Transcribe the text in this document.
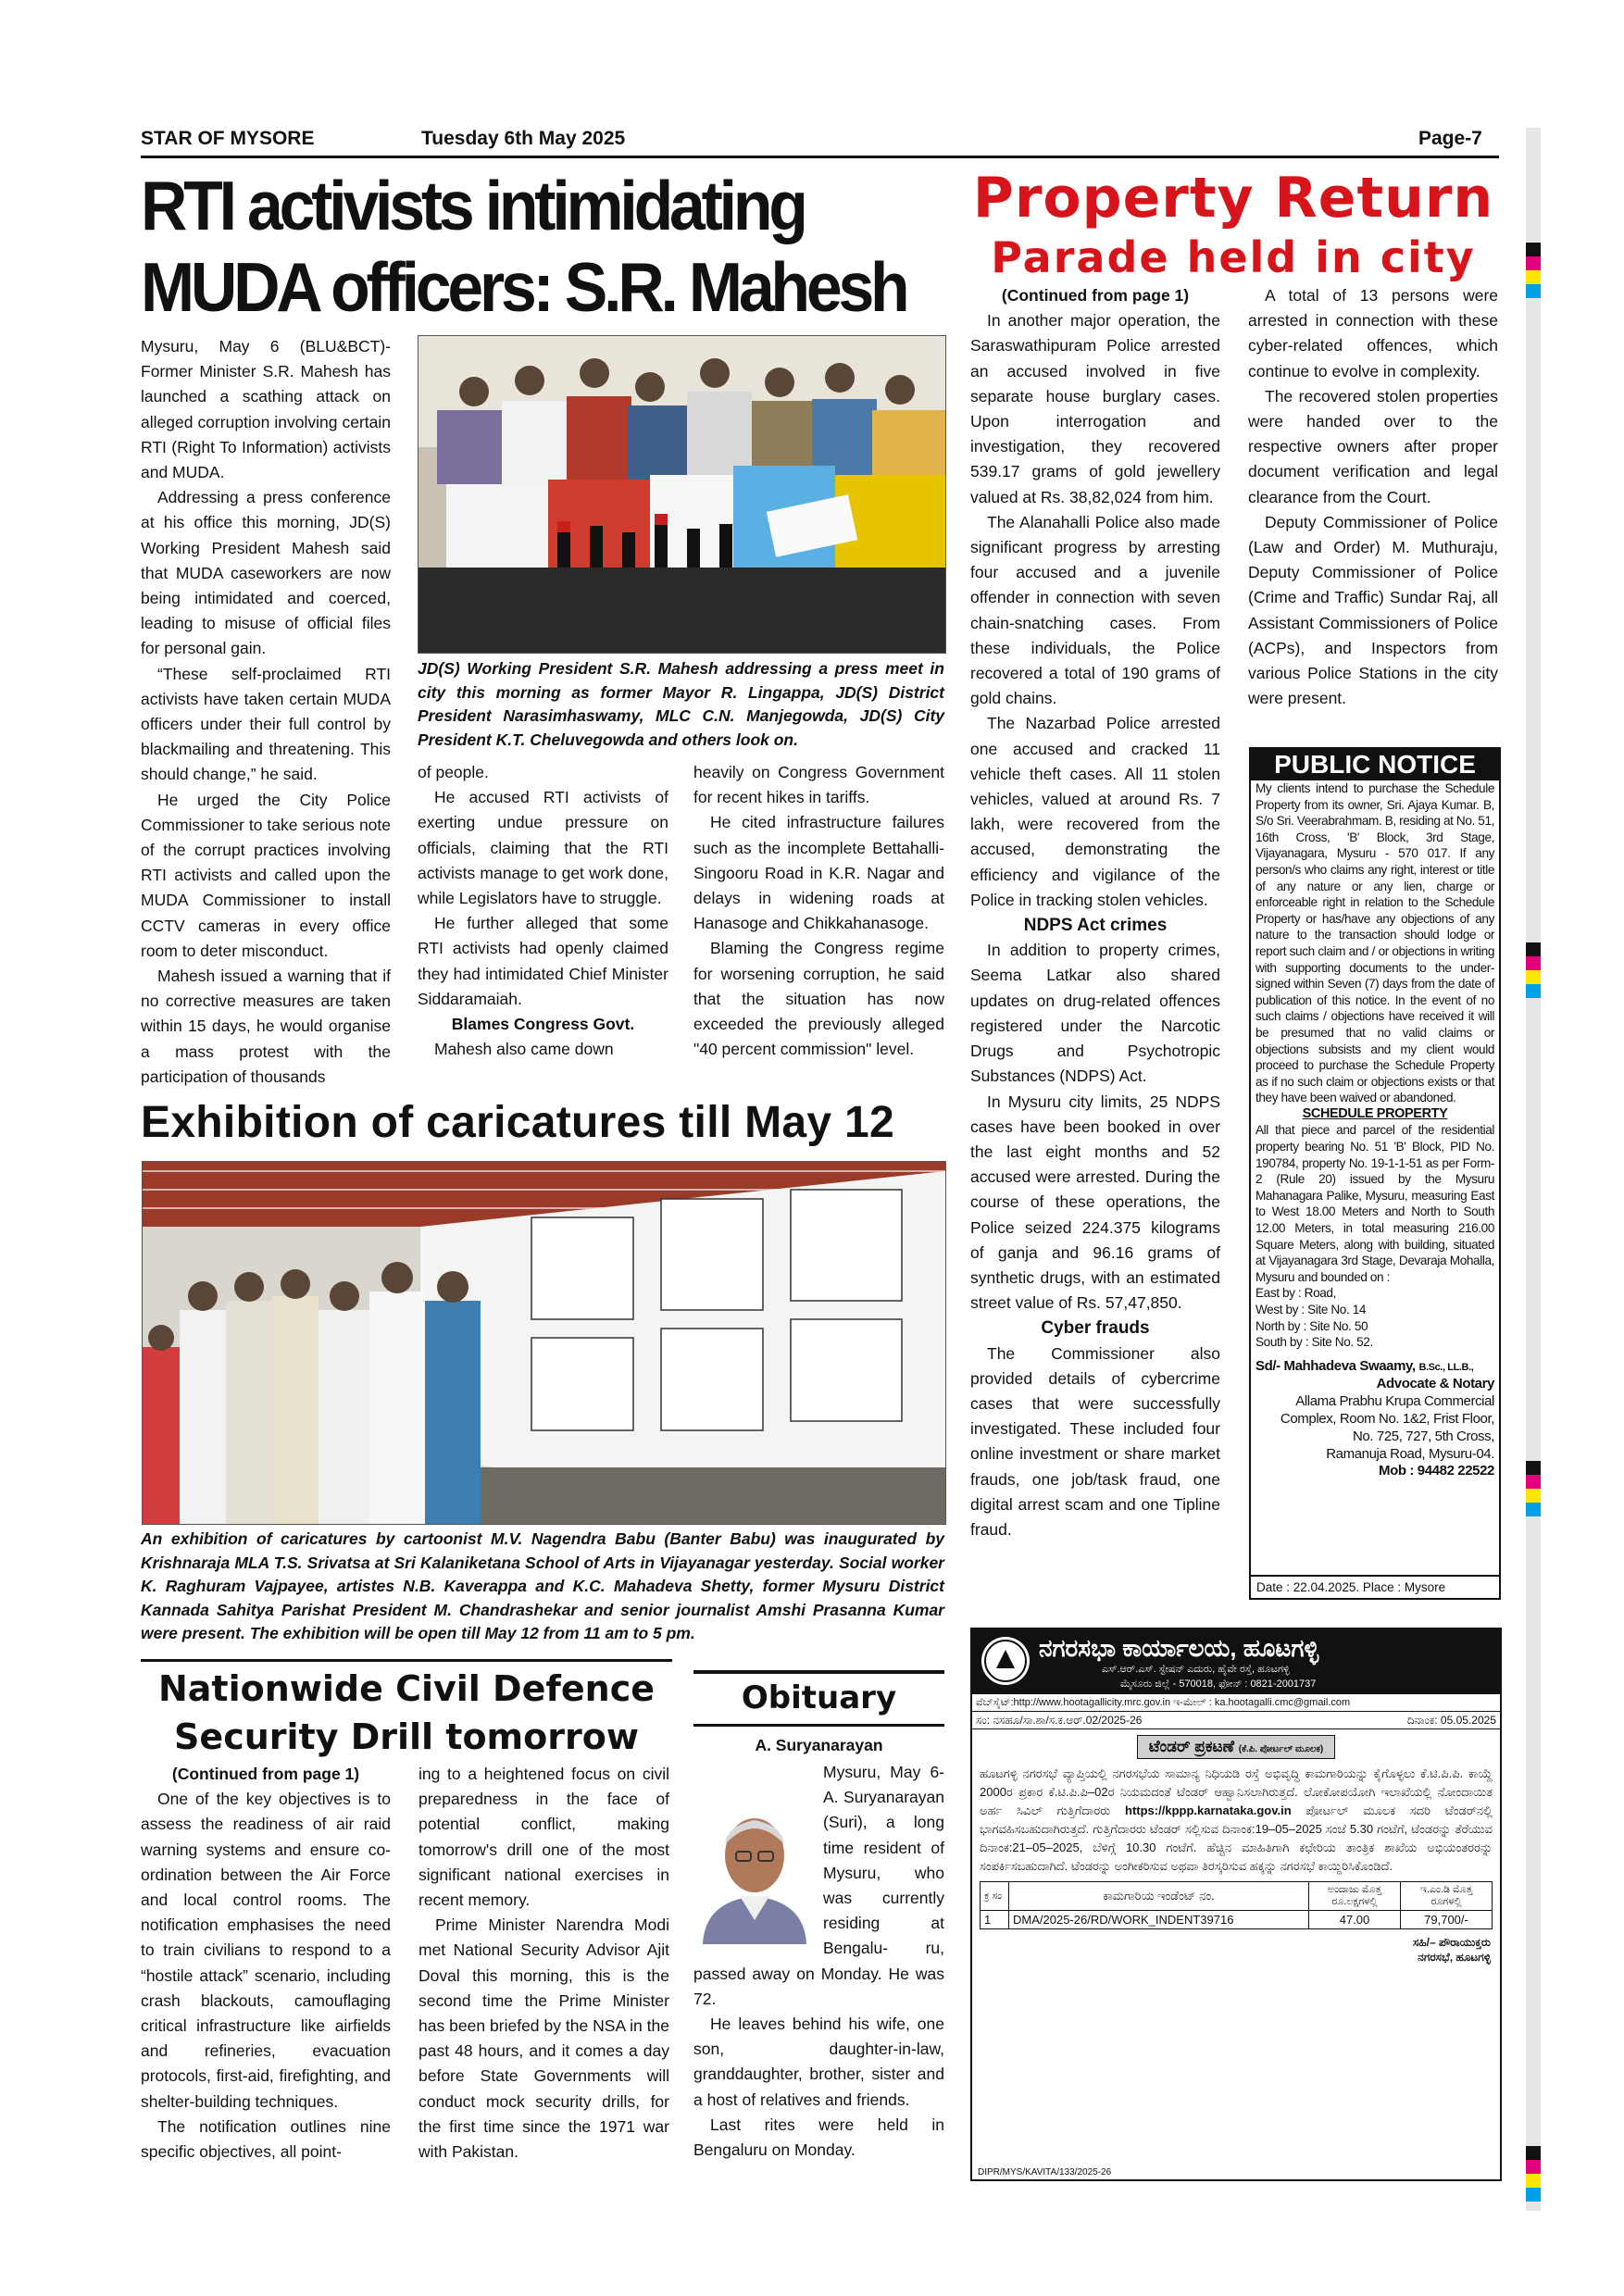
STAR OF MYSORE	Tuesday 6th May 2025	Page-7
RTI activists intimidating
MUDA officers: S.R. Mahesh

Mysuru, May 6 (BLU&BCT)- Former Minister S.R. Mahesh has launched a scathing attack on alleged corruption involving certain RTI (Right To Information) activists and MUDA.

Addressing a press conference at his office this morning, JD(S) Working President Mahesh said that MUDA caseworkers are now being intimidated and coerced, leading to misuse of official files for personal gain.

“These self-proclaimed RTI activists have taken certain MUDA officers under their full control by blackmailing and threatening. This should change,” he said.

He urged the City Police Commissioner to take serious note of the corrupt practices involving RTI activists and called upon the MUDA Commissioner to install CCTV cameras in every office room to deter misconduct.

Mahesh issued a warning that if no corrective measures are taken within 15 days, he would organise a mass protest with the participation of thousands

JD(S) Working President S.R. Mahesh addressing a press meet in city this morning as former Mayor R. Lingappa, JD(S) District President Narasimhaswamy, MLC C.N. Manjegowda, JD(S) City President K.T. Cheluvegowda and others look on.

of people.

He accused RTI activists of exerting undue pressure on officials, claiming that the RTI activists manage to get work done, while Legislators have to struggle.

He further alleged that some RTI activists had openly claimed they had intimidated Chief Minister Siddaramaiah.

Blames Congress Govt.

Mahesh also came down

heavily on Congress Government for recent hikes in tariffs.

He cited infrastructure failures such as the incomplete Bettahalli-Singooru Road in K.R. Nagar and delays in widening roads at Hanasoge and Chikkahanasoge.

Blaming the Congress regime for worsening corruption, he said that the situation has now exceeded the previously alleged "40 percent commission" level.

Property Return
Parade held in city

(Continued from page 1)

In another major operation, the Saraswathipuram Police arrested an accused involved in five separate house burglary cases. Upon interrogation and investigation, they recovered 539.17 grams of gold jewellery valued at Rs. 38,82,024 from him.

The Alanahalli Police also made significant progress by arresting four accused and a juvenile offender in connection with seven chain-snatching cases. From these individuals, the Police recovered a total of 190 grams of gold chains.

The Nazarbad Police arrested one accused and cracked 11 vehicle theft cases. All 11 stolen vehicles, valued at around Rs. 7 lakh, were recovered from the accused, demonstrating the efficiency and vigilance of the Police in tracking stolen vehicles.

NDPS Act crimes

In addition to property crimes, Seema Latkar also shared updates on drug-related offences registered under the Narcotic Drugs and Psychotropic Substances (NDPS) Act.

In Mysuru city limits, 25 NDPS cases have been booked in over the last eight months and 52 accused were arrested. During the course of these operations, the Police seized 224.375 kilograms of ganja and 96.16 grams of synthetic drugs, with an estimated street value of Rs. 57,47,850.

Cyber frauds

The Commissioner also provided details of cybercrime cases that were successfully investigated. These included four online investment or share market frauds, one job/task fraud, one digital arrest scam and one Tipline fraud.

A total of 13 persons were arrested in connection with these cyber-related offences, which continue to evolve in complexity.

The recovered stolen properties were handed over to the respective owners after proper document verification and legal clearance from the Court.

Deputy Commissioner of Police (Law and Order) M. Muthuraju, Deputy Commissioner of Police (Crime and Traffic) Sundar Raj, all Assistant Commissioners of Police (ACPs), and Inspectors from various Police Stations in the city were present.

PUBLIC NOTICE
My clients intend to purchase the Schedule Property from its owner, Sri. Ajaya Kumar. B, S/o Sri. Veerabrahmam. B, residing at No. 51, 16th Cross, 'B' Block, 3rd Stage, Vijayanagara, Mysuru - 570 017. If any person/s who claims any right, interest or title of any nature or any lien, charge or enforceable right in relation to the Schedule Property or has/have any objections of any nature to the transaction should lodge or report such claim and / or objections in writing with supporting documents to the under-signed within Seven (7) days from the date of publication of this notice. In the event of no such claims / objections have received it will be presumed that no valid claims or objections subsists and my client would proceed to purchase the Schedule Property as if no such claim or objections exists or that they have been waived or abandoned.
SCHEDULE PROPERTY
All that piece and parcel of the residential property bearing No. 51 'B' Block, PID No. 190784, property No. 19-1-1-51 as per Form-2 (Rule 20) issued by the Mysuru Mahanagara Palike, Mysuru, measuring East to West 18.00 Meters and North to South 12.00 Meters, in total measuring 216.00 Square Meters, along with building, situated at Vijayanagara 3rd Stage, Devaraja Mohalla, Mysuru and bounded on :
East by : Road,
West by : Site No. 14
North by : Site No. 50
South by : Site No. 52.
Sd/- Mahhadeva Swaamy, B.Sc., LL.B.,
Advocate & Notary
Allama Prabhu Krupa Commercial
Complex, Room No. 1&2, Frist Floor,
No. 725, 727, 5th Cross,
Ramanuja Road, Mysuru-04.
Mob : 94482 22522
Date : 22.04.2025. Place : Mysore
Exhibition of caricatures till May 12
An exhibition of caricatures by cartoonist M.V. Nagendra Babu (Banter Babu) was inaugurated by Krishnaraja MLA T.S. Srivatsa at Sri Kalaniketana School of Arts in Vijayanagar yesterday. Social worker K. Raghuram Vajpayee, artistes N.B. Kaverappa and K.C. Mahadeva Shetty, former Mysuru District Kannada Sahitya Parishat President M. Chandrashekar and senior journalist Amshi Prasanna Kumar were present. The exhibition will be open till May 12 from 11 am to 5 pm.
Nationwide Civil Defence
Security Drill tomorrow

(Continued from page 1)

One of the key objectives is to assess the readiness of air raid warning systems and ensure co-ordination between the Air Force and local control rooms. The notification emphasises the need to train civilians to respond to a “hostile attack” scenario, including crash blackouts, camouflaging critical infrastructure like airfields and refineries, evacuation protocols, first-aid, firefighting, and shelter-building techniques.

The notification outlines nine specific objectives, all point-

ing to a heightened focus on civil preparedness in the face of potential conflict, making tomorrow's drill one of the most significant national exercises in recent memory.

Prime Minister Narendra Modi met National Security Advisor Ajit Doval this morning, this is the second time the Prime Minister has been briefed by the NSA in the past 48 hours, and it comes a day before State Governments will conduct mock security drills, for the first time since the 1971 war with Pakistan.

Obituary
A. Suryanarayan

Mysuru, May 6- A. Suryanarayan (Suri), a long time resident of Mysuru, who was currently residing at Bengalu- ru, passed away on Monday. He was 72.

He leaves behind his wife, one son, daughter-in-law, granddaughter, brother, sister and a host of relatives and friends.

Last rites were held in Bengaluru on Monday.

ನಗರಸಭಾ ಕಾರ್ಯಾಲಯ, ಹೂಟಗಳ್ಳಿ
ಎಸ್.ಆರ್.ಎಸ್. ಸ್ಟೇಷನ್ ಎದುರು, ಹೈವೇ ರಸ್ತೆ, ಹೂಟಗಳ್ಳಿ
ಮೈಸೂರು ಜಿಲ್ಲೆ - 570018, ಫೋನ್ : 0821-2001737
ವೆಬ್‌ಸೈಟ್:http://www.hootagallicity.mrc.gov.in ಇ-ಮೇಲ್ : ka.hootagalli.cmc@gmail.com
ಸಂ: ನಸಹೂ/ಸಾ.ಶಾ/ಸ.ಕ.ಆರ್.02/2025-26	ದಿನಾಂಕ: 05.05.2025
ಟೆಂಡರ್ ಪ್ರಕಟಣೆ (ಕೆ.ಪಿ. ಪೋರ್ಟಲ್ ಮೂಲಕ)
ಹೂಟಗಳ್ಳಿ ನಗರಸಭೆ ವ್ಯಾಪ್ತಿಯಲ್ಲಿ ನಗರಸಭೆಯ ಸಾಮಾನ್ಯ ನಿಧಿಯಡಿ ರಸ್ತೆ ಅಭಿವೃದ್ಧಿ ಕಾಮಗಾರಿಯನ್ನು ಕೈಗೊಳ್ಳಲು ಕೆ.ಟಿ.ಪಿ.ಪಿ. ಕಾಯ್ದೆ 2000ರ ಪ್ರಕಾರ ಕೆ.ಟಿ.ಪಿ.ಪಿ–02ರ ನಿಯಮದಂತೆ ಟೆಂಡರ್ ಆಹ್ವಾನಿಸಲಾಗಿರುತ್ತದೆ. ಲೋಕೋಪಯೋಗಿ ಇಲಾಖೆಯಲ್ಲಿ ನೋಂದಾಯಿತ ಅರ್ಹ ಸಿವಿಲ್ ಗುತ್ತಿಗೆದಾರರು https://kppp.karnataka.gov.in ಪೋರ್ಟಲ್ ಮೂಲಕ ಸದರಿ ಟೆಂಡರ್‌ನಲ್ಲಿ ಭಾಗವಹಿಸಬಹುದಾಗಿರುತ್ತದೆ. ಗುತ್ತಿಗೆದಾರರು ಟೆಂಡರ್ ಸಲ್ಲಿಸುವ ದಿನಾಂಕ:19–05–2025 ಸಂಜೆ 5.30 ಗಂಟೆಗೆ, ಟೆಂಡರನ್ನು ತೆರೆಯುವ ದಿನಾಂಕ:21–05–2025, ಬೆಳಿಗ್ಗೆ 10.30 ಗಂಟೆಗೆ. ಹೆಚ್ಚಿನ ಮಾಹಿತಿಗಾಗಿ ಕಛೇರಿಯ ತಾಂತ್ರಿಕ ಶಾಖೆಯ ಅಭಿಯಂತರರನ್ನು ಸಂಪರ್ಕಿಸಬಹುದಾಗಿದೆ. ಟೆಂಡರನ್ನು ಅಂಗೀಕರಿಸುವ ಅಥವಾ ತಿರಸ್ಕರಿಸುವ ಹಕ್ಕನ್ನು ನಗರಸಭೆ ಕಾಯ್ದಿರಿಸಿಕೊಂಡಿದೆ.
ಕ್ರ ಸಂ	ಕಾಮಗಾರಿಯ ಇಂಡೆಂಟ್ ನಂ.	ಅಂದಾಜು ಮೊತ್ತ ರೂ.ಲಕ್ಷಗಳಲ್ಲಿ	ಇ.ಎಂ.ಡಿ ಮೊತ್ತ ರೂಗಳಲ್ಲಿ
1	DMA/2025-26/RD/WORK_INDENT39716	47.00	79,700/-
ಸಹಿ/– ಪೌರಾಯುಕ್ತರು
ನಗರಸಭೆ, ಹೂಟಗಳ್ಳಿ
DIPR/MYS/KAVITA/133/2025-26
